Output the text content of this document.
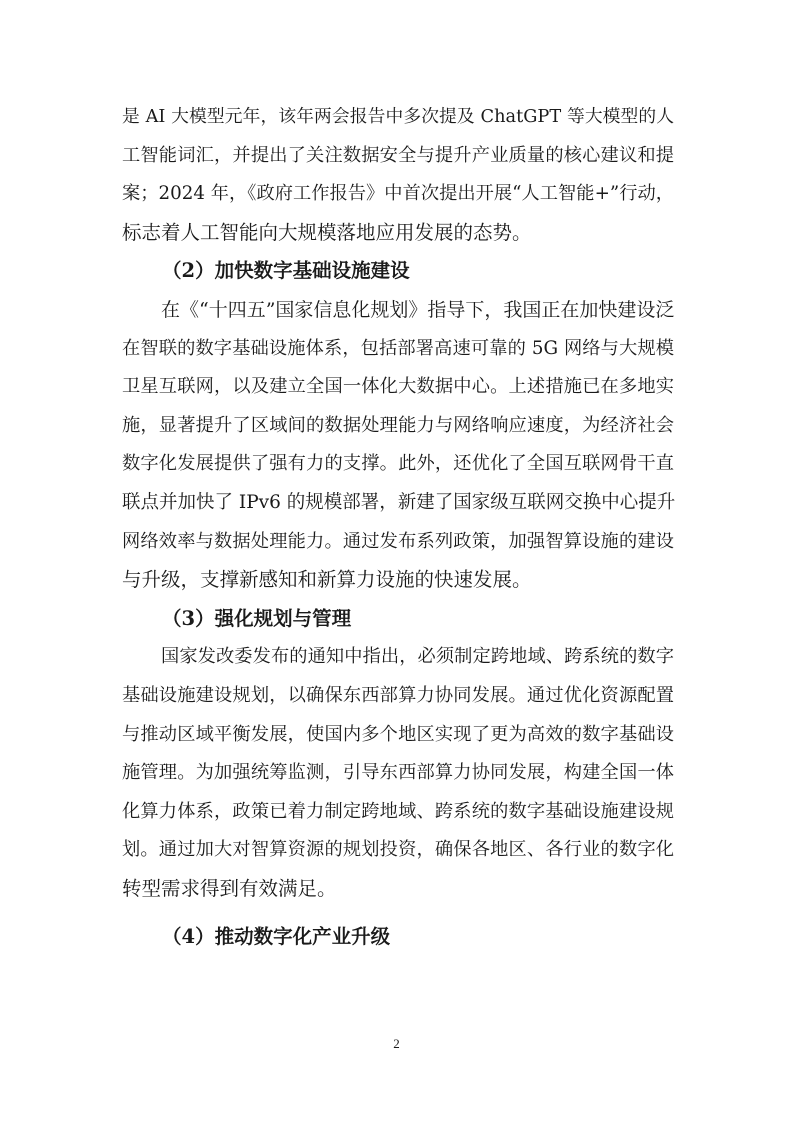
是 AI 大模型元年，该年两会报告中多次提及 ChatGPT 等大模型的人
工智能词汇，并提出了关注数据安全与提升产业质量的核心建议和提
案；2024 年，《政府工作报告》中首次提出开展“人工智能+”行动，
标志着人工智能向大规模落地应用发展的态势。
（2）加快数字基础设施建设
在《“十四五”国家信息化规划》指导下，我国正在加快建设泛
在智联的数字基础设施体系，包括部署高速可靠的 5G 网络与大规模
卫星互联网，以及建立全国一体化大数据中心。上述措施已在多地实
施，显著提升了区域间的数据处理能力与网络响应速度，为经济社会
数字化发展提供了强有力的支撑。此外，还优化了全国互联网骨干直
联点并加快了 IPv6 的规模部署，新建了国家级互联网交换中心提升
网络效率与数据处理能力。通过发布系列政策，加强智算设施的建设
与升级，支撑新感知和新算力设施的快速发展。
（3）强化规划与管理
国家发改委发布的通知中指出，必须制定跨地域、跨系统的数字
基础设施建设规划，以确保东西部算力协同发展。通过优化资源配置
与推动区域平衡发展，使国内多个地区实现了更为高效的数字基础设
施管理。为加强统筹监测，引导东西部算力协同发展，构建全国一体
化算力体系，政策已着力制定跨地域、跨系统的数字基础设施建设规
划。通过加大对智算资源的规划投资，确保各地区、各行业的数字化
转型需求得到有效满足。
（4）推动数字化产业升级
2
